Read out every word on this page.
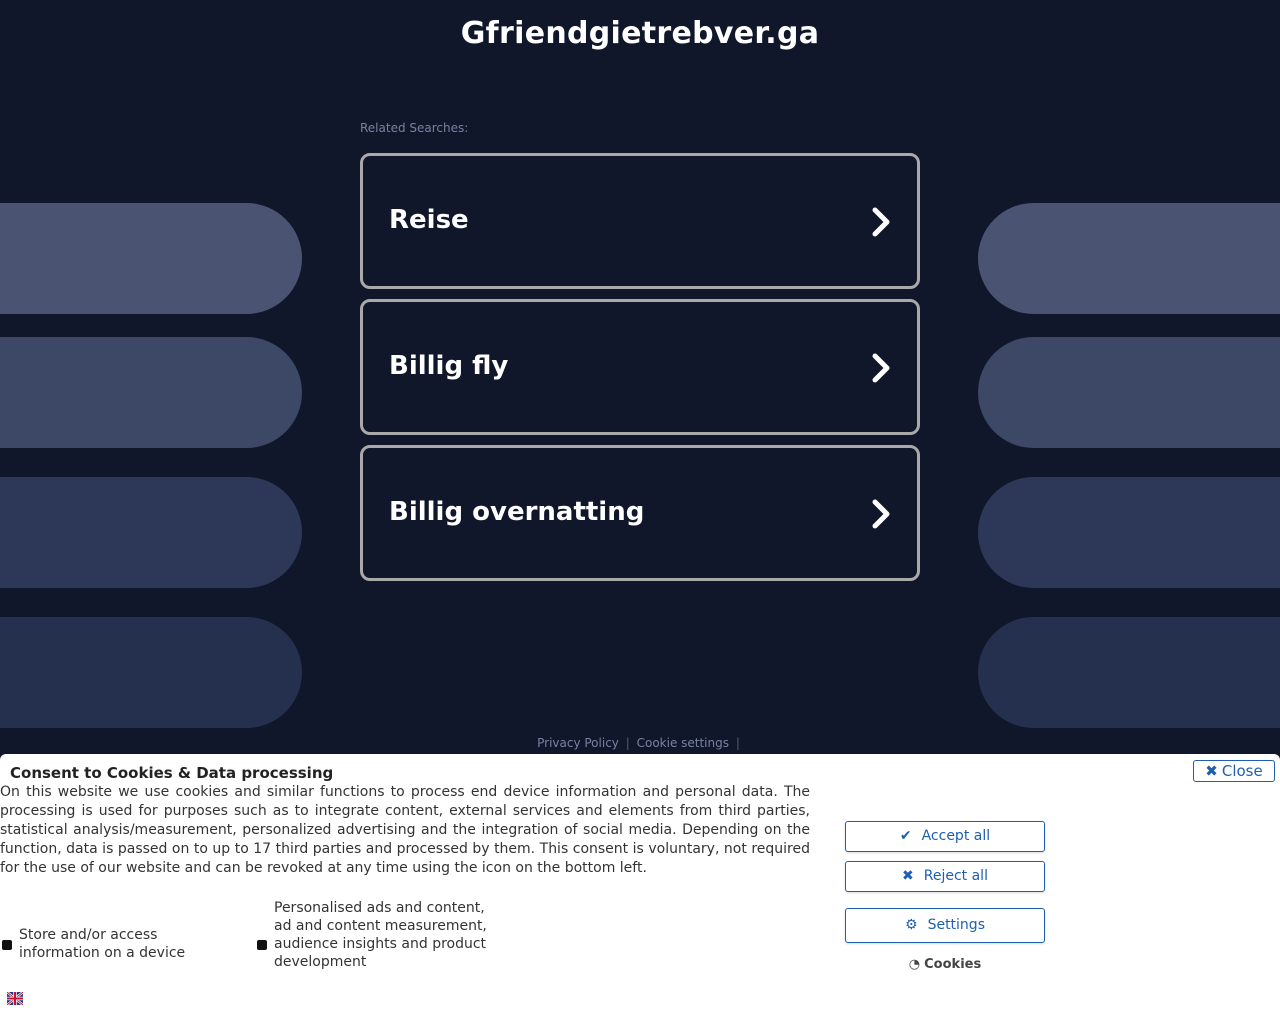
Gfriendgietrebver.ga
Related Searches:
Reise
Billig fly
Billig overnatting
Privacy Policy | Cookie settings |
Consent to Cookies & Data processing	✖ Close
On this website we use cookies and similar functions to process end device information and personal data. The processing is used for purposes such as to integrate content, external services and elements from third parties, statistical analysis/measurement, personalized advertising and the integration of social media. Depending on the function, data is passed on to up to 17 third parties and processed by them. This consent is voluntary, not required for the use of our website and can be revoked at any time using the icon on the bottom left.
Store and/or access information on a device
Personalised ads and content, ad and content measurement, audience insights and product development
✔ Accept all
✖ Reject all
⚙ Settings
◔ Cookies
